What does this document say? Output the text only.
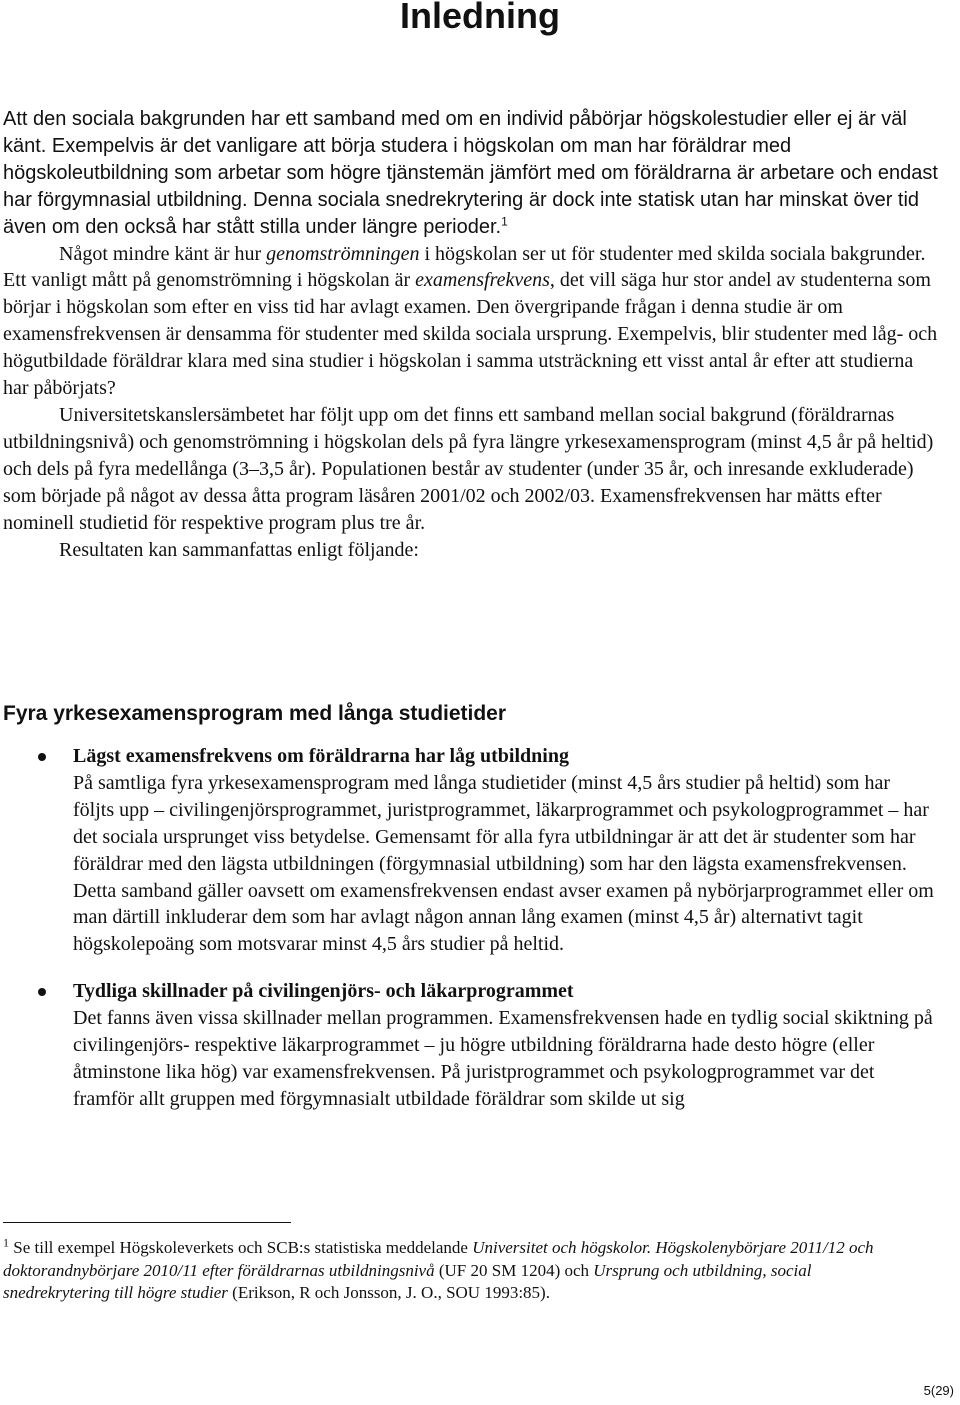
Inledning

Att den sociala bakgrunden har ett samband med om en individ påbörjar högskolestudier eller ej är väl känt. Exempelvis är det vanligare att börja studera i högskolan om man har föräldrar med högskoleutbildning som arbetar som högre tjänstemän jämfört med om föräldrarna är arbetare och endast har förgymnasial utbildning. Denna sociala snedrekrytering är dock inte statisk utan har minskat över tid även om den också har stått stilla under längre perioder.$^1$

Något mindre känt är hur genomströmningen i högskolan ser ut för studenter med skilda sociala bakgrunder. Ett vanligt mått på genomströmning i högskolan är examensfrekvens, det vill säga hur stor andel av studenterna som börjar i högskolan som efter en viss tid har avlagt examen. Den övergripande frågan i denna studie är om examensfrekvensen är densamma för studenter med skilda sociala ursprung. Exempelvis, blir studenter med låg- och högutbildade föräldrar klara med sina studier i högskolan i samma utsträckning ett visst antal år efter att studierna har påbörjats?

Universitetskanslersämbetet har följt upp om det finns ett samband mellan social bakgrund (föräldrarnas utbildningsnivå) och genomströmning i högskolan dels på fyra längre yrkesexamensprogram (minst 4,5 år på heltid) och dels på fyra medellånga (3–3,5 år). Populationen består av studenter (under 35 år, och inresande exkluderade) som började på något av dessa åtta program läsåren 2001/02 och 2002/03. Examensfrekvensen har mätts efter nominell studietid för respektive program plus tre år.

Resultaten kan sammanfattas enligt följande:

Fyra yrkesexamensprogram med långa studietider
Lägst examensfrekvens om föräldrarna har låg utbildning
På samtliga fyra yrkesexamensprogram med långa studietider (minst 4,5 års studier på heltid) som har följts upp – civilingenjörsprogrammet, juristprogrammet, läkarprogrammet och psykologprogrammet – har det sociala ursprunget viss betydelse. Gemensamt för alla fyra utbildningar är att det är studenter som har föräldrar med den lägsta utbildningen (förgymnasial utbildning) som har den lägsta examensfrekvensen. Detta samband gäller oavsett om examensfrekvensen endast avser examen på nybörjarprogrammet eller om man därtill inkluderar dem som har avlagt någon annan lång examen (minst 4,5 år) alternativt tagit högskolepoäng som motsvarar minst 4,5 års studier på heltid.
Tydliga skillnader på civilingenjörs- och läkarprogrammet
Det fanns även vissa skillnader mellan programmen. Examensfrekvensen hade en tydlig social skiktning på civilingenjörs- respektive läkarprogrammet – ju högre utbildning föräldrarna hade desto högre (eller åtminstone lika hög) var examensfrekvensen. På juristprogrammet och psykologprogrammet var det framför allt gruppen med förgymnasialt utbildade föräldrar som skilde ut sig

$^1$ Se till exempel Högskoleverkets och SCB:s statistiska meddelande Universitet och högskolor. Högskolenybörjare 2011/12 och doktorandnybörjare 2010/11 efter föräldrarnas utbildningsnivå (UF 20 SM 1204) och Ursprung och utbildning, social snedrekrytering till högre studier (Erikson, R och Jonsson, J. O., SOU 1993:85).

5(29)
